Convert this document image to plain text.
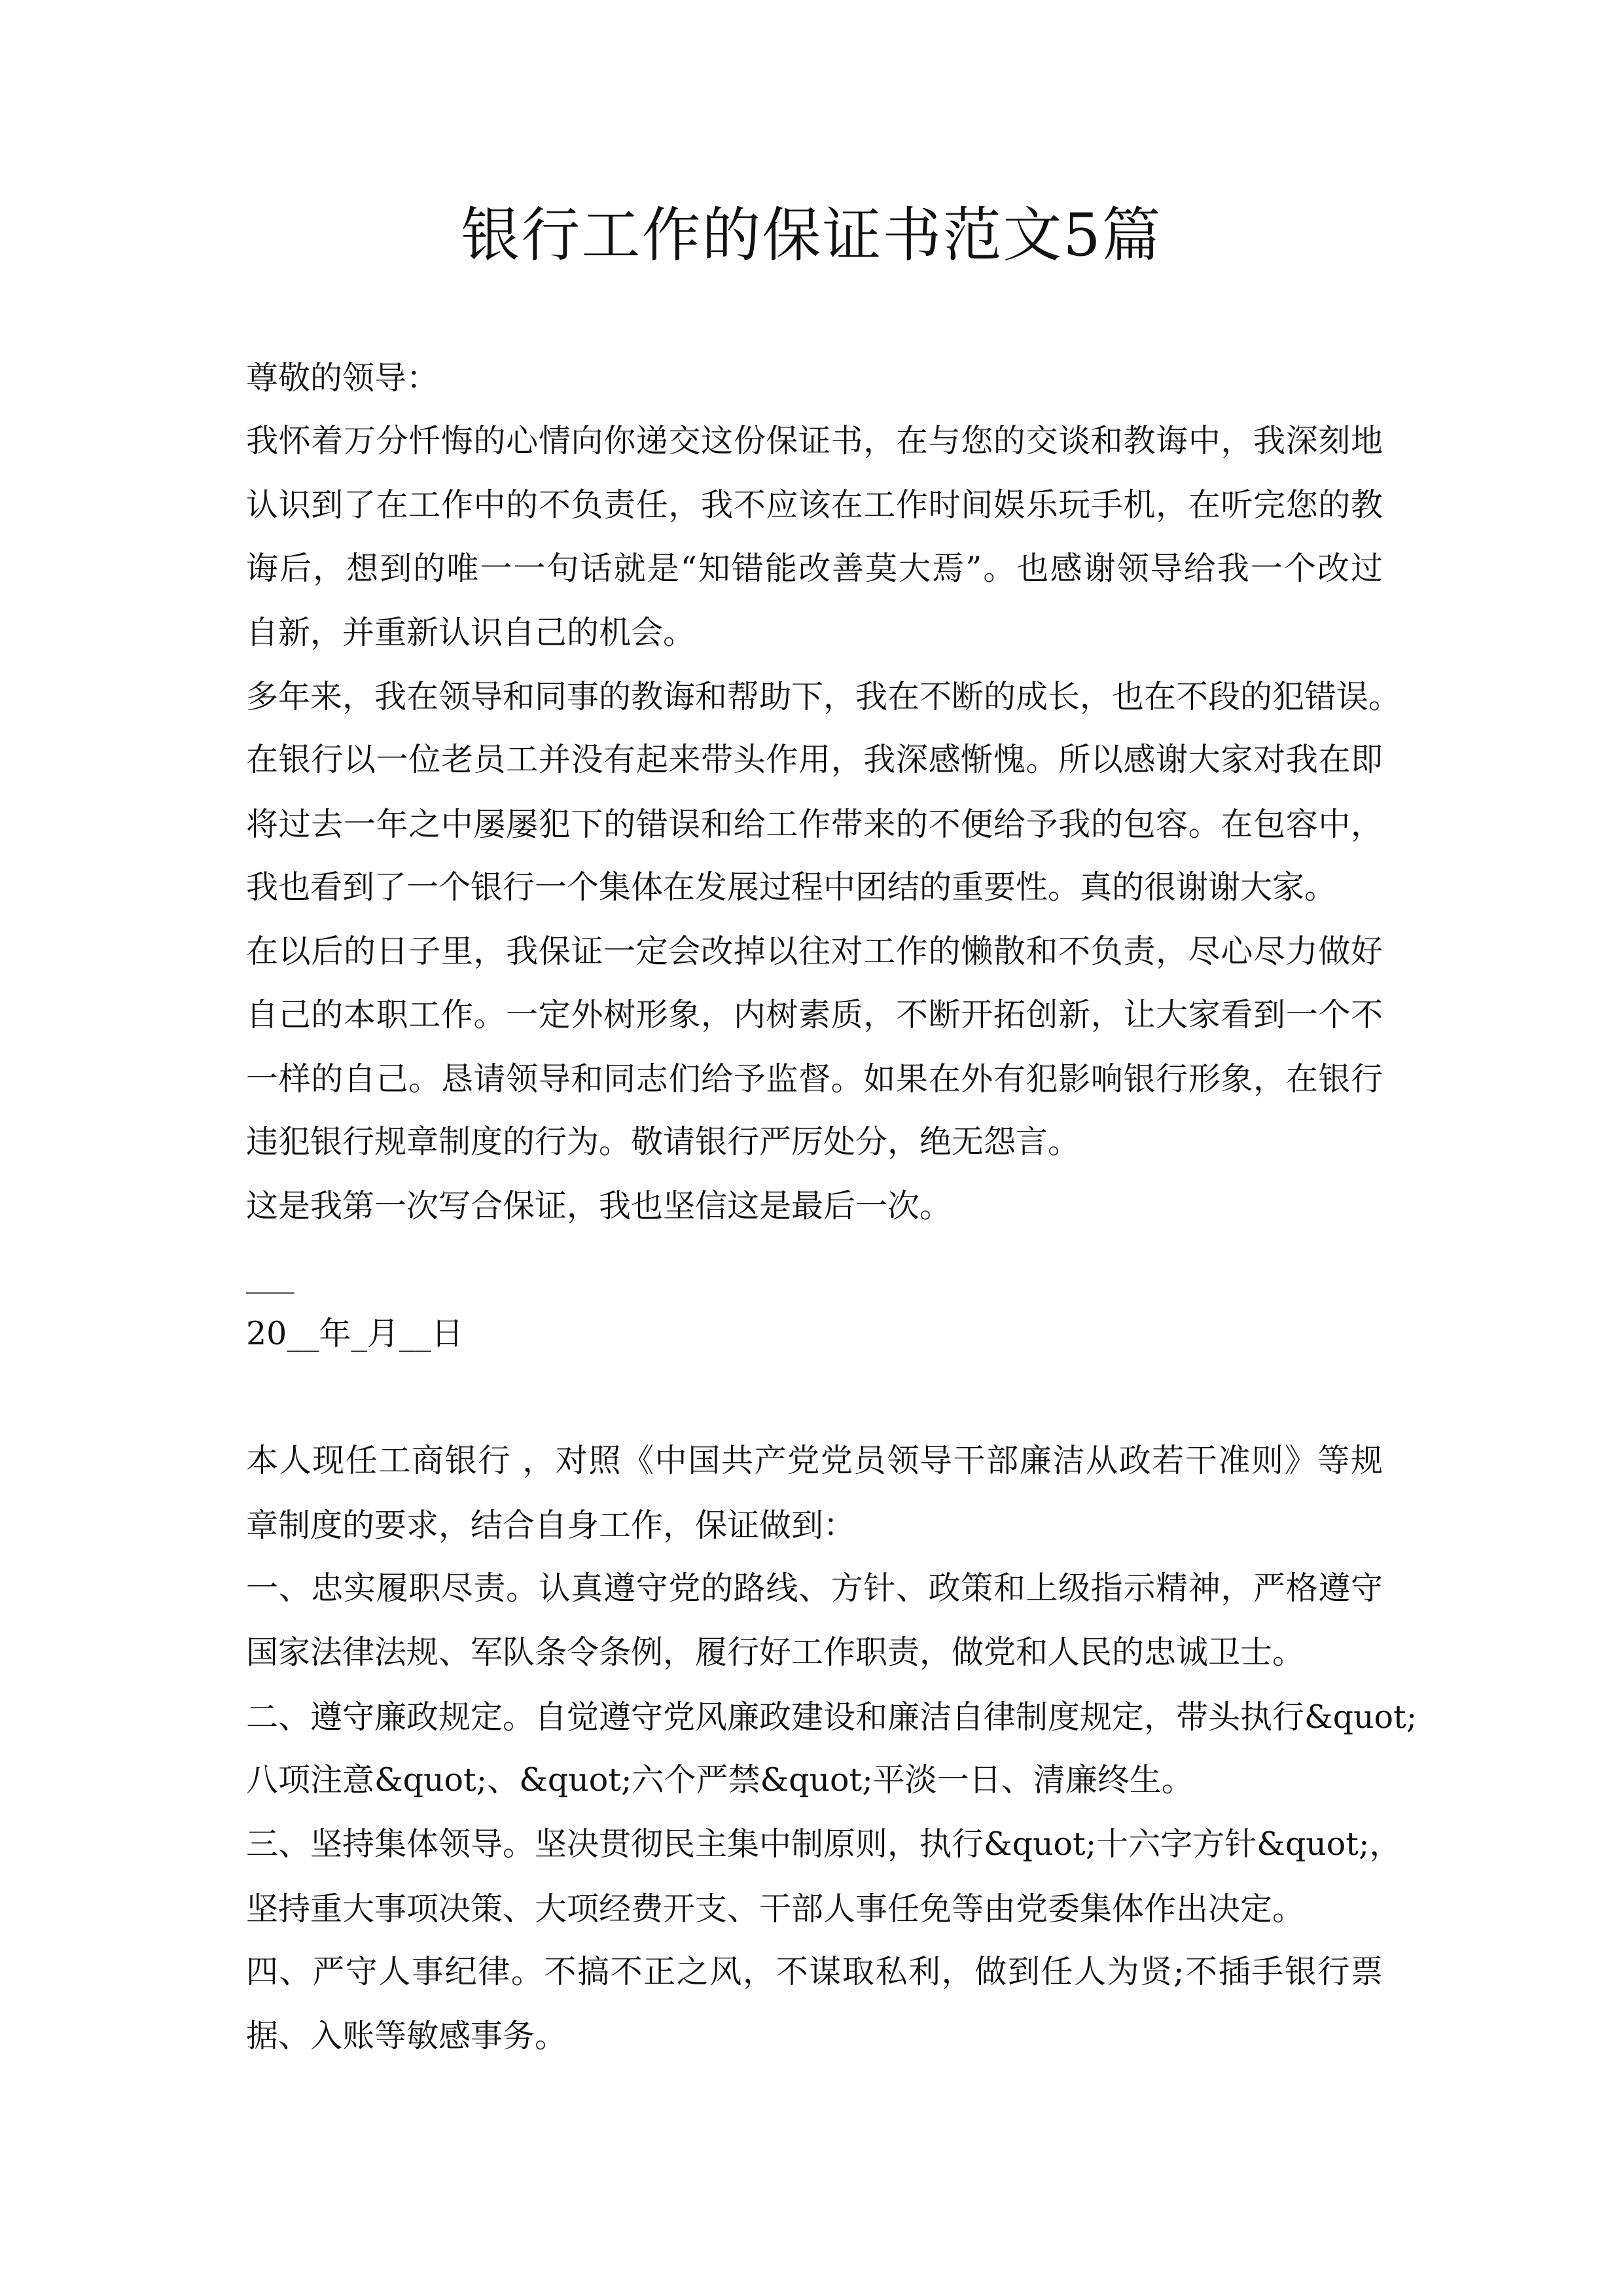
银行工作的保证书范文5篇
尊敬的领导：
我怀着万分忏悔的心情向你递交这份保证书，在与您的交谈和教诲中，我深刻地
认识到了在工作中的不负责任，我不应该在工作时间娱乐玩手机，在听完您的教
诲后，想到的唯一一句话就是“知错能改善莫大焉”。也感谢领导给我一个改过
自新，并重新认识自己的机会。
多年来，我在领导和同事的教诲和帮助下，我在不断的成长，也在不段的犯错误。
在银行以一位老员工并没有起来带头作用，我深感惭愧。所以感谢大家对我在即
将过去一年之中屡屡犯下的错误和给工作带来的不便给予我的包容。在包容中，
我也看到了一个银行一个集体在发展过程中团结的重要性。真的很谢谢大家。
在以后的日子里，我保证一定会改掉以往对工作的懒散和不负责，尽心尽力做好
自己的本职工作。一定外树形象，内树素质，不断开拓创新，让大家看到一个不
一样的自己。恳请领导和同志们给予监督。如果在外有犯影响银行形象，在银行
违犯银行规章制度的行为。敬请银行严厉处分，绝无怨言。
这是我第一次写合保证，我也坚信这是最后一次。
___
20__年_月__日
本人现任工商银行 ，对照《中国共产党党员领导干部廉洁从政若干准则》等规
章制度的要求，结合自身工作，保证做到：
一、忠实履职尽责。认真遵守党的路线、方针、政策和上级指示精神，严格遵守
国家法律法规、军队条令条例，履行好工作职责，做党和人民的忠诚卫士。
二、遵守廉政规定。自觉遵守党风廉政建设和廉洁自律制度规定，带头执行&quot;
八项注意&quot;、&quot;六个严禁&quot;平淡一日、清廉终生。
三、坚持集体领导。坚决贯彻民主集中制原则，执行&quot;十六字方针&quot;，
坚持重大事项决策、大项经费开支、干部人事任免等由党委集体作出决定。
四、严守人事纪律。不搞不正之风，不谋取私利，做到任人为贤;不插手银行票
据、入账等敏感事务。
